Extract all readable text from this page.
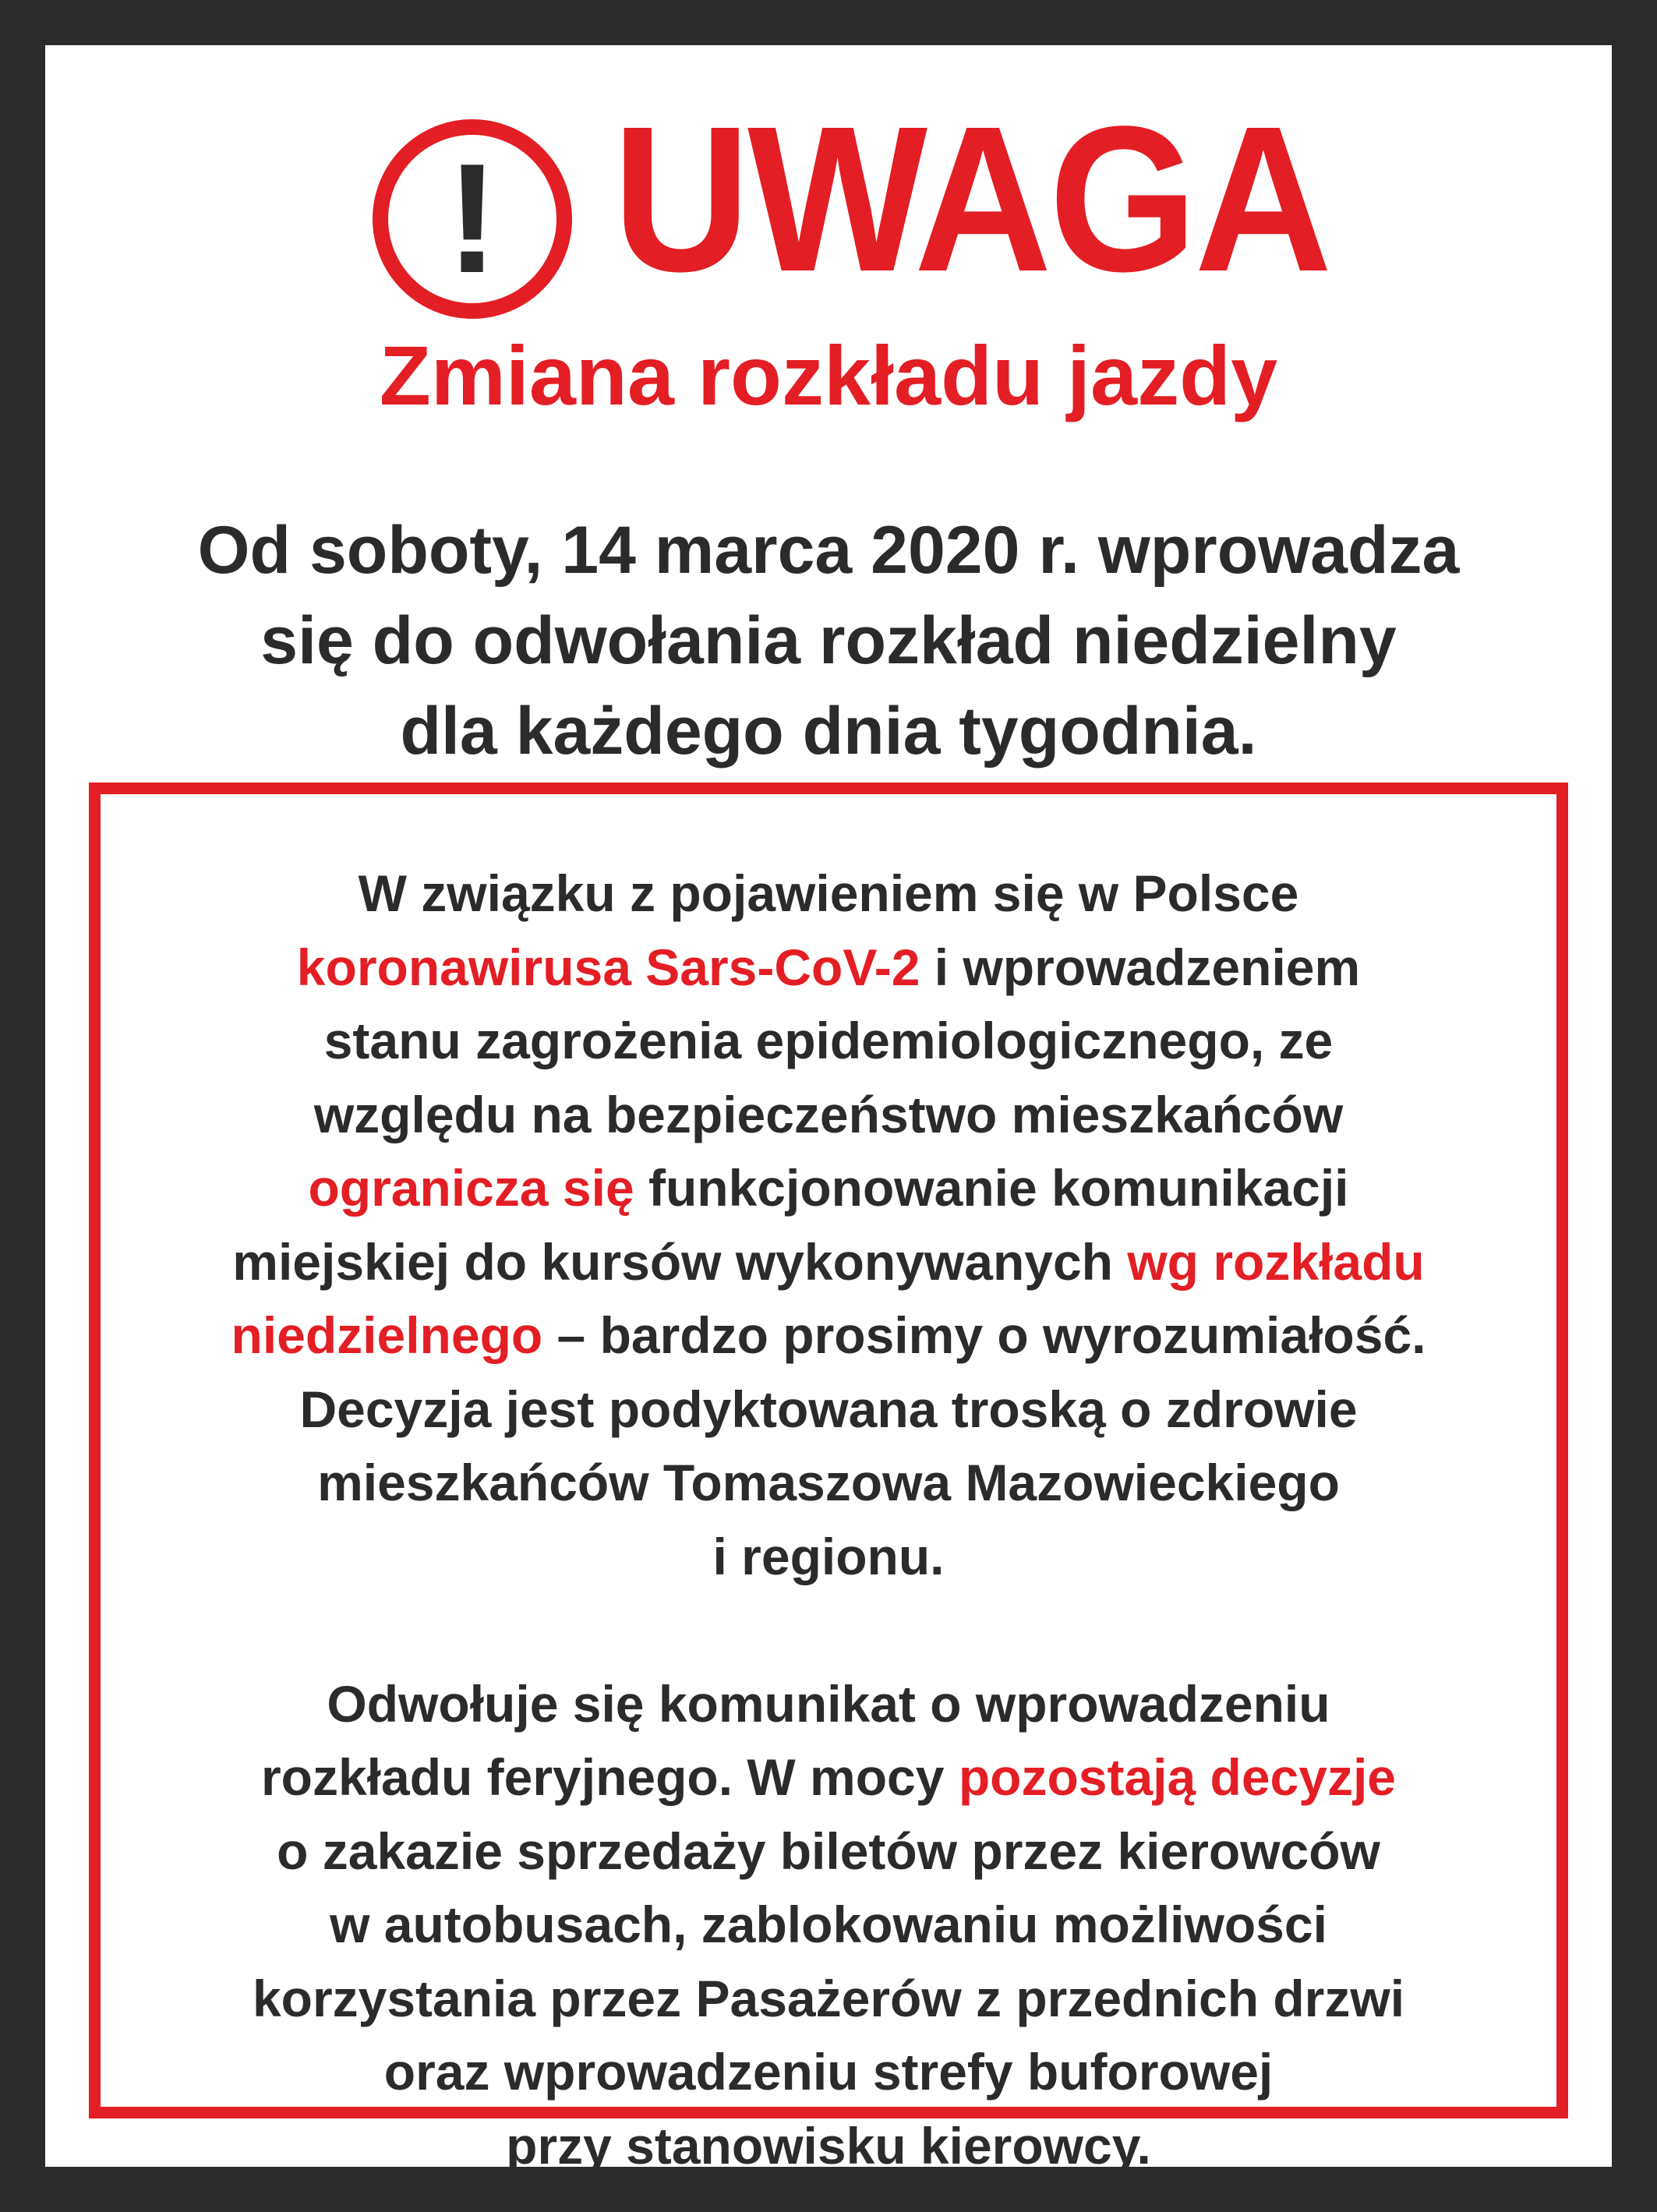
! UWAGA
Zmiana rozkładu jazdy
Od soboty, 14 marca 2020 r. wprowadza
się do odwołania rozkład niedzielny
dla każdego dnia tygodnia.
W związku z pojawieniem się w Polsce
koronawirusa Sars-CoV-2 i wprowadzeniem
stanu zagrożenia epidemiologicznego, ze
względu na bezpieczeństwo mieszkańców
ogranicza się funkcjonowanie komunikacji
miejskiej do kursów wykonywanych wg rozkładu
niedzielnego – bardzo prosimy o wyrozumiałość.
Decyzja jest podyktowana troską o zdrowie
mieszkańców Tomaszowa Mazowieckiego
i regionu.
Odwołuje się komunikat o wprowadzeniu
rozkładu feryjnego. W mocy pozostają decyzje
o zakazie sprzedaży biletów przez kierowców
w autobusach, zablokowaniu możliwości
korzystania przez Pasażerów z przednich drzwi
oraz wprowadzeniu strefy buforowej
przy stanowisku kierowcy.
